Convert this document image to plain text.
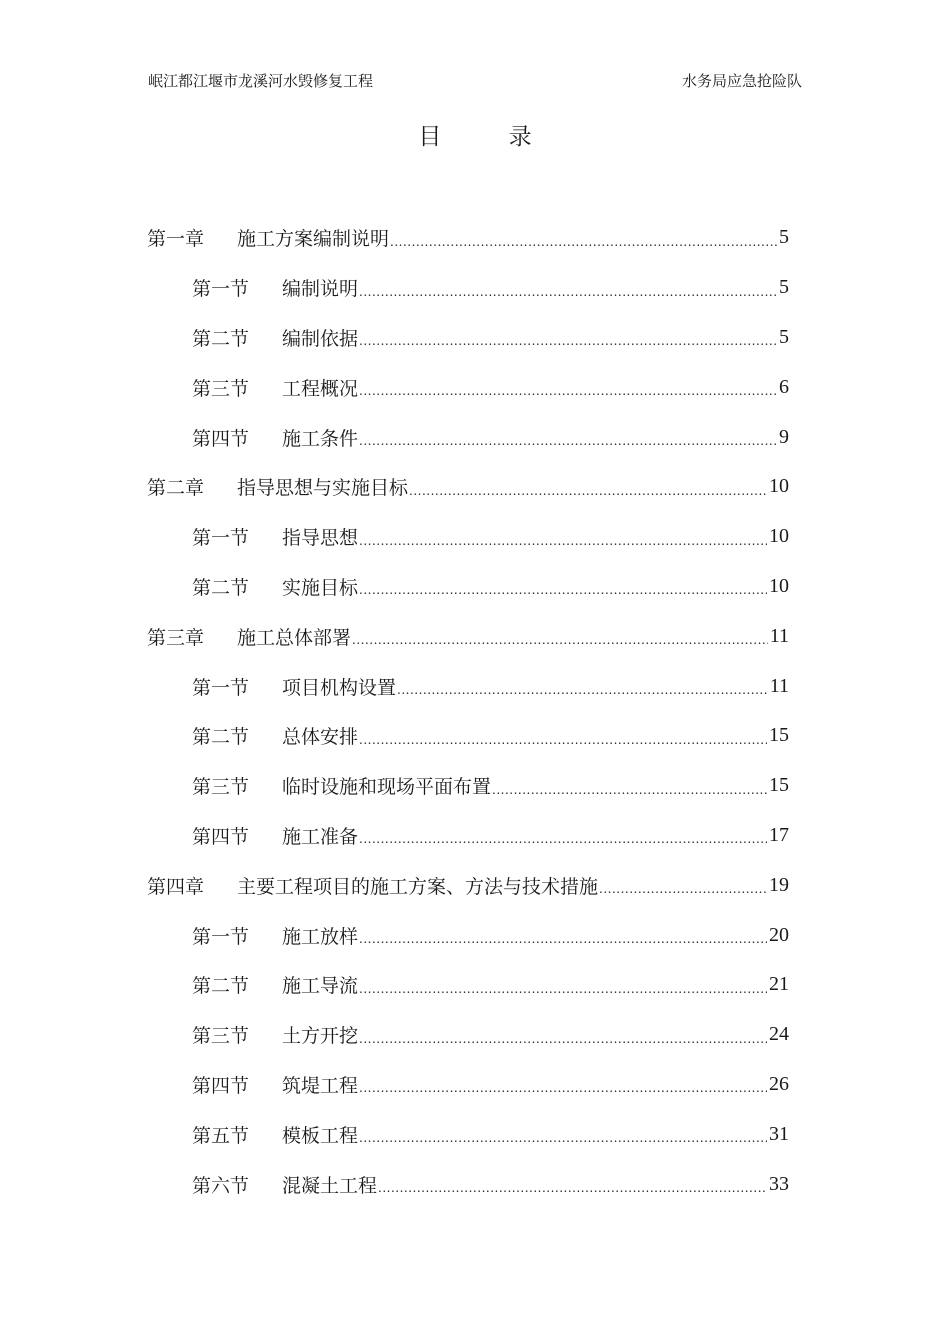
岷江都江堰市龙溪河水毁修复工程	水务局应急抢险队
目 录
第一章	施工方案编制说明 .....	5
第一节	编制说明 .....	5
第二节	编制依据 .....	5
第三节	工程概况 .....	6
第四节	施工条件 .....	9
第二章	指导思想与实施目标 .....	10
第一节	指导思想 .....	10
第二节	实施目标 .....	10
第三章	施工总体部署 .....	11
第一节	项目机构设置 .....	11
第二节	总体安排 .....	15
第三节	临时设施和现场平面布置 .....	15
第四节	施工准备 .....	17
第四章	主要工程项目的施工方案、方法与技术措施 .....	19
第一节	施工放样 .....	20
第二节	施工导流 .....	21
第三节	土方开挖 .....	24
第四节	筑堤工程 .....	26
第五节	模板工程 .....	31
第六节	混凝土工程 .....	33
